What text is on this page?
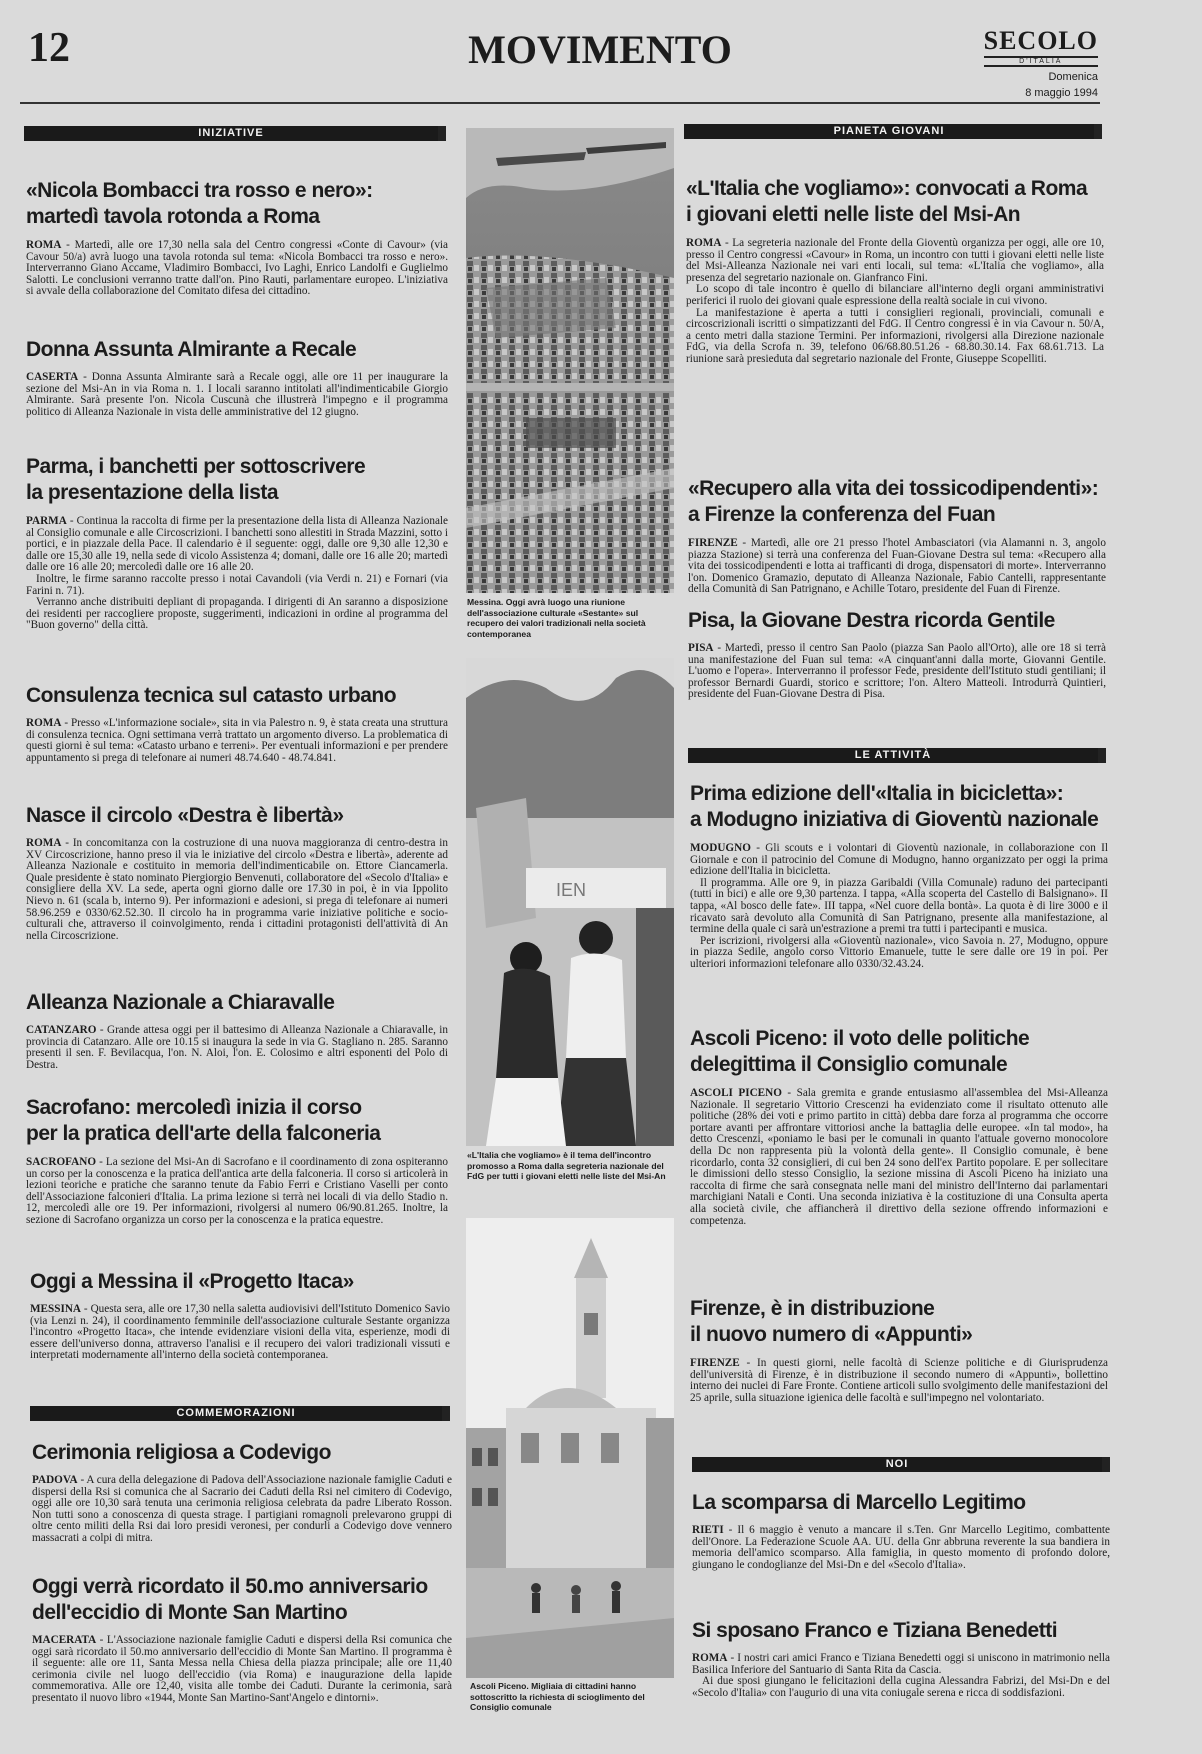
12	MOVIMENTO	SECOLO
D'ITALIA
Domenica
8 maggio 1994
INIZIATIVE
«Nicola Bombacci tra rosso e nero»:
martedì tavola rotonda a Roma

ROMA - Martedì, alle ore 17,30 nella sala del Centro congressi «Conte di Cavour» (via Cavour 50/a) avrà luogo una tavola rotonda sul tema: «Nicola Bombacci tra rosso e nero». Interverranno Giano Accame, Vladimiro Bombacci, Ivo Laghi, Enrico Landolfi e Guglielmo Salotti. Le conclusioni verranno tratte dall'on. Pino Rauti, parlamentare europeo. L'iniziativa si avvale della collaborazione del Comitato difesa dei cittadino.

Donna Assunta Almirante a Recale

CASERTA - Donna Assunta Almirante sarà a Recale oggi, alle ore 11 per inaugurare la sezione del Msi-An in via Roma n. 1. I locali saranno intitolati all'indimenticabile Giorgio Almirante. Sarà presente l'on. Nicola Cuscunà che illustrerà l'impegno e il programma politico di Alleanza Nazionale in vista delle amministrative del 12 giugno.

Parma, i banchetti per sottoscrivere
la presentazione della lista

PARMA - Continua la raccolta di firme per la presentazione della lista di Alleanza Nazionale al Consiglio comunale e alle Circoscrizioni. I banchetti sono allestiti in Strada Mazzini, sotto i portici, e in piazzale della Pace. Il calendario è il seguente: oggi, dalle ore 9,30 alle 12,30 e dalle ore 15,30 alle 19, nella sede di vicolo Assistenza 4; domani, dalle ore 16 alle 20; martedì dalle ore 16 alle 20; mercoledì dalle ore 16 alle 20.

Inoltre, le firme saranno raccolte presso i notai Cavandoli (via Verdi n. 21) e Fornari (via Farini n. 71).

Verranno anche distribuiti depliant di propaganda. I dirigenti di An saranno a disposizione dei residenti per raccogliere proposte, suggerimenti, indicazioni in ordine al programma del "Buon governo" della città.

Consulenza tecnica sul catasto urbano

ROMA - Presso «L'informazione sociale», sita in via Palestro n. 9, è stata creata una struttura di consulenza tecnica. Ogni settimana verrà trattato un argomento diverso. La problematica di questi giorni è sul tema: «Catasto urbano e terreni». Per eventuali informazioni e per prendere appuntamento si prega di telefonare ai numeri 48.74.640 - 48.74.841.

Nasce il circolo «Destra è libertà»

ROMA - In concomitanza con la costruzione di una nuova maggioranza di centro-destra in XV Circoscrizione, hanno preso il via le iniziative del circolo «Destra e libertà», aderente ad Alleanza Nazionale e costituito in memoria dell'indimenticabile on. Ettore Ciancamerla. Quale presidente è stato nominato Piergiorgio Benvenuti, collaboratore del «Secolo d'Italia» e consigliere della XV. La sede, aperta ogni giorno dalle ore 17.30 in poi, è in via Ippolito Nievo n. 61 (scala b, interno 9). Per informazioni e adesioni, si prega di telefonare ai numeri 58.96.259 e 0330/62.52.30. Il circolo ha in programma varie iniziative politiche e socio-culturali che, attraverso il coinvolgimento, renda i cittadini protagonisti dell'attività di An nella Circoscrizione.

Alleanza Nazionale a Chiaravalle

CATANZARO - Grande attesa oggi per il battesimo di Alleanza Nazionale a Chiaravalle, in provincia di Catanzaro. Alle ore 10.15 si inaugura la sede in via G. Stagliano n. 285. Saranno presenti il sen. F. Bevilacqua, l'on. N. Aloi, l'on. E. Colosimo e altri esponenti del Polo di Destra.

Sacrofano: mercoledì inizia il corso
per la pratica dell'arte della falconeria

SACROFANO - La sezione del Msi-An di Sacrofano e il coordinamento di zona ospiteranno un corso per la conoscenza e la pratica dell'antica arte della falconeria. Il corso si articolerà in lezioni teoriche e pratiche che saranno tenute da Fabio Ferri e Cristiano Vaselli per conto dell'Associazione falconieri d'Italia. La prima lezione si terrà nei locali di via dello Stadio n. 12, mercoledì alle ore 19. Per informazioni, rivolgersi al numero 06/90.81.265. Inoltre, la sezione di Sacrofano organizza un corso per la conoscenza e la pratica equestre.

Oggi a Messina il «Progetto Itaca»

MESSINA - Questa sera, alle ore 17,30 nella saletta audiovisivi dell'Istituto Domenico Savio (via Lenzi n. 24), il coordinamento femminile dell'associazione culturale Sestante organizza l'incontro «Progetto Itaca», che intende evidenziare visioni della vita, esperienze, modi di essere dell'universo donna, attraverso l'analisi e il recupero dei valori tradizionali vissuti e interpretati modernamente all'interno della società contemporanea.

COMMEMORAZIONI
Cerimonia religiosa a Codevigo

PADOVA - A cura della delegazione di Padova dell'Associazione nazionale famiglie Caduti e dispersi della Rsi si comunica che al Sacrario dei Caduti della Rsi nel cimitero di Codevigo, oggi alle ore 10,30 sarà tenuta una cerimonia religiosa celebrata da padre Liberato Rosson. Non tutti sono a conoscenza di questa strage. I partigiani romagnoli prelevarono gruppi di oltre cento militi della Rsi dai loro presidi veronesi, per condurli a Codevigo dove vennero massacrati a colpi di mitra.

Oggi verrà ricordato il 50.mo anniversario
dell'eccidio di Monte San Martino

MACERATA - L'Associazione nazionale famiglie Caduti e dispersi della Rsi comunica che oggi sarà ricordato il 50.mo anniversario dell'eccidio di Monte San Martino. Il programma è il seguente: alle ore 11, Santa Messa nella Chiesa della piazza principale; alle ore 11,40 cerimonia civile nel luogo dell'eccidio (via Roma) e inaugurazione della lapide commemorativa. Alle ore 12,40, visita alle tombe dei Caduti. Durante la cerimonia, sarà presentato il nuovo libro «1944, Monte San Martino-Sant'Angelo e dintorni».

Messina. Oggi avrà luogo una riunione dell'associazione culturale «Sestante» sul recupero dei valori tradizionali nella società contemporanea
IEN
«L'Italia che vogliamo» è il tema dell'incontro promosso a Roma dalla segreteria nazionale del FdG per tutti i giovani eletti nelle liste del Msi-An
Ascoli Piceno. Migliaia di cittadini hanno sottoscritto la richiesta di scioglimento del Consiglio comunale
PIANETA GIOVANI
«L'Italia che vogliamo»: convocati a Roma
i giovani eletti nelle liste del Msi-An

ROMA - La segreteria nazionale del Fronte della Gioventù organizza per oggi, alle ore 10, presso il Centro congressi «Cavour» in Roma, un incontro con tutti i giovani eletti nelle liste del Msi-Alleanza Nazionale nei vari enti locali, sul tema: «L'Italia che vogliamo», alla presenza del segretario nazionale on. Gianfranco Fini.

Lo scopo di tale incontro è quello di bilanciare all'interno degli organi amministrativi periferici il ruolo dei giovani quale espressione della realtà sociale in cui vivono.

La manifestazione è aperta a tutti i consiglieri regionali, provinciali, comunali e circoscrizionali iscritti o simpatizzanti del FdG. Il Centro congressi è in via Cavour n. 50/A, a cento metri dalla stazione Termini. Per informazioni, rivolgersi alla Direzione nazionale FdG, via della Scrofa n. 39, telefono 06/68.80.51.26 - 68.80.30.14. Fax 68.61.713. La riunione sarà presieduta dal segretario nazionale del Fronte, Giuseppe Scopelliti.

«Recupero alla vita dei tossicodipendenti»:
a Firenze la conferenza del Fuan

FIRENZE - Martedì, alle ore 21 presso l'hotel Ambasciatori (via Alamanni n. 3, angolo piazza Stazione) si terrà una conferenza del Fuan-Giovane Destra sul tema: «Recupero alla vita dei tossicodipendenti e lotta ai trafficanti di droga, dispensatori di morte». Interverranno l'on. Domenico Gramazio, deputato di Alleanza Nazionale, Fabio Cantelli, rappresentante della Comunità di San Patrignano, e Achille Totaro, presidente del Fuan di Firenze.

Pisa, la Giovane Destra ricorda Gentile

PISA - Martedì, presso il centro San Paolo (piazza San Paolo all'Orto), alle ore 18 si terrà una manifestazione del Fuan sul tema: «A cinquant'anni dalla morte, Giovanni Gentile. L'uomo e l'opera». Interverranno il professor Fede, presidente dell'Istituto studi gentiliani; il professor Bernardi Guardi, storico e scrittore; l'on. Altero Matteoli. Introdurrà Quintieri, presidente del Fuan-Giovane Destra di Pisa.

LE ATTIVITÀ
Prima edizione dell'«Italia in bicicletta»:
a Modugno iniziativa di Gioventù nazionale

MODUGNO - Gli scouts e i volontari di Gioventù nazionale, in collaborazione con Il Giornale e con il patrocinio del Comune di Modugno, hanno organizzato per oggi la prima edizione dell'Italia in bicicletta.

Il programma. Alle ore 9, in piazza Garibaldi (Villa Comunale) raduno dei partecipanti (tutti in bici) e alle ore 9,30 partenza. I tappa, «Alla scoperta del Castello di Balsignano». II tappa, «Al bosco delle fate». III tappa, «Nel cuore della bontà». La quota è di lire 3000 e il ricavato sarà devoluto alla Comunità di San Patrignano, presente alla manifestazione, al termine della quale ci sarà un'estrazione a premi tra tutti i partecipanti e musica.

Per iscrizioni, rivolgersi alla «Gioventù nazionale», vico Savoia n. 27, Modugno, oppure in piazza Sedile, angolo corso Vittorio Emanuele, tutte le sere dalle ore 19 in poi. Per ulteriori informazioni telefonare allo 0330/32.43.24.

Ascoli Piceno: il voto delle politiche
delegittima il Consiglio comunale

ASCOLI PICENO - Sala gremita e grande entusiasmo all'assemblea del Msi-Alleanza Nazionale. Il segretario Vittorio Crescenzi ha evidenziato come il risultato ottenuto alle politiche (28% dei voti e primo partito in città) debba dare forza al programma che occorre portare avanti per affrontare vittoriosi anche la battaglia delle europee. «In tal modo», ha detto Crescenzi, «poniamo le basi per le comunali in quanto l'attuale governo monocolore della Dc non rappresenta più la volontà della gente». Il Consiglio comunale, è bene ricordarlo, conta 32 consiglieri, di cui ben 24 sono dell'ex Partito popolare. E per sollecitare le dimissioni dello stesso Consiglio, la sezione missina di Ascoli Piceno ha iniziato una raccolta di firme che sarà consegnata nelle mani del ministro dell'Interno dai parlamentari marchigiani Natali e Conti. Una seconda iniziativa è la costituzione di una Consulta aperta alla società civile, che affiancherà il direttivo della sezione offrendo informazioni e competenza.

Firenze, è in distribuzione
il nuovo numero di «Appunti»

FIRENZE - In questi giorni, nelle facoltà di Scienze politiche e di Giurisprudenza dell'università di Firenze, è in distribuzione il secondo numero di «Appunti», bollettino interno dei nuclei di Fare Fronte. Contiene articoli sullo svolgimento delle manifestazioni del 25 aprile, sulla situazione igienica delle facoltà e sull'impegno nel volontariato.

NOI
La scomparsa di Marcello Legitimo

RIETI - Il 6 maggio è venuto a mancare il s.Ten. Gnr Marcello Legitimo, combattente dell'Onore. La Federazione Scuole AA. UU. della Gnr abbruna reverente la sua bandiera in memoria dell'amico scomparso. Alla famiglia, in questo momento di profondo dolore, giungano le condoglianze del Msi-Dn e del «Secolo d'Italia».

Si sposano Franco e Tiziana Benedetti

ROMA - I nostri cari amici Franco e Tiziana Benedetti oggi si uniscono in matrimonio nella Basilica Inferiore del Santuario di Santa Rita da Cascia.

Ai due sposi giungano le felicitazioni della cugina Alessandra Fabrizi, del Msi-Dn e del «Secolo d'Italia» con l'augurio di una vita coniugale serena e ricca di soddisfazioni.
